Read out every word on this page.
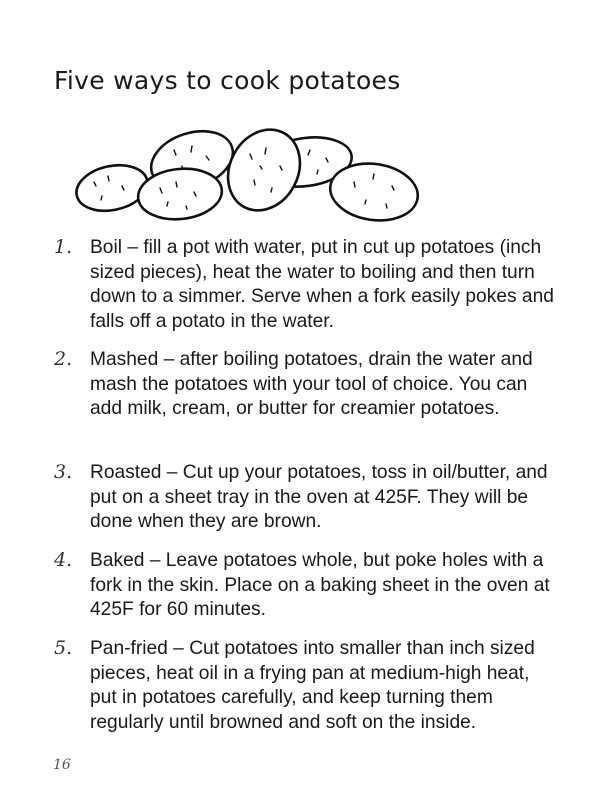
Five ways to cook potatoes
1. Boil – fill a pot with water, put in cut up potatoes (inch sized pieces), heat the water to boiling and then turn down to a simmer. Serve when a fork easily pokes and falls off a potato in the water.
2. Mashed – after boiling potatoes, drain the water and mash the potatoes with your tool of choice. You can add milk, cream, or butter for creamier potatoes.
3. Roasted – Cut up your potatoes, toss in oil/butter, and put on a sheet tray in the oven at 425F. They will be done when they are brown.
4. Baked – Leave potatoes whole, but poke holes with a fork in the skin. Place on a baking sheet in the oven at 425F for 60 minutes.
5. Pan-fried – Cut potatoes into smaller than inch sized pieces, heat oil in a frying pan at medium-high heat, put in potatoes carefully, and keep turning them regularly until browned and soft on the inside.
16
